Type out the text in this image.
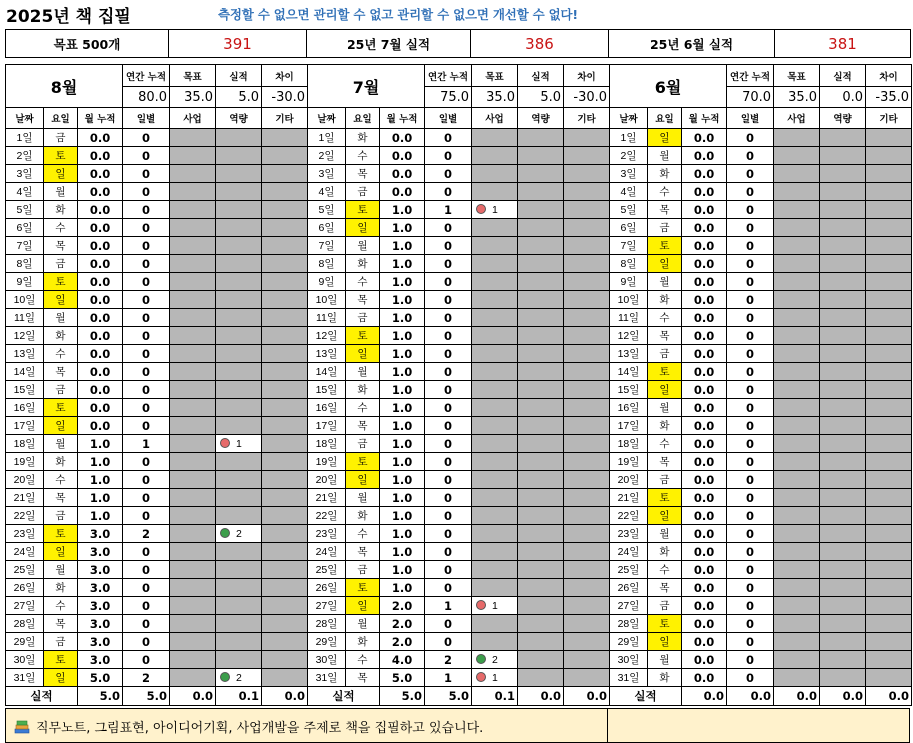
2025년 책 집필	측정할 수 없으면 관리할 수 없고 관리할 수 없으면 개선할 수 없다!
목표 500개	391	25년 7월 실적	386	25년 6월 실적	381
8월			연간 누적	목표	실적	차이
			80.0	35.0	5.0	-30.0
날짜	요일	월 누적	일별	사업	역량	기타
1일	금	0.0	0			
2일	토	0.0	0			
3일	일	0.0	0			
4일	월	0.0	0			
5일	화	0.0	0			
6일	수	0.0	0			
7일	목	0.0	0			
8일	금	0.0	0			
9일	토	0.0	0			
10일	일	0.0	0			
11일	월	0.0	0			
12일	화	0.0	0			
13일	수	0.0	0			
14일	목	0.0	0			
15일	금	0.0	0			
16일	토	0.0	0			
17일	일	0.0	0			
18일	월	1.0	1		1	
19일	화	1.0	0			
20일	수	1.0	0			
21일	목	1.0	0			
22일	금	1.0	0			
23일	토	3.0	2		2	
24일	일	3.0	0			
25일	월	3.0	0			
26일	화	3.0	0			
27일	수	3.0	0			
28일	목	3.0	0			
29일	금	3.0	0			
30일	토	3.0	0			
31일	일	5.0	2		2	
실적		5.0	5.0	0.0	0.1	0.0
7월			연간 누적	목표	실적	차이
			75.0	35.0	5.0	-30.0
날짜	요일	월 누적	일별	사업	역량	기타
1일	화	0.0	0			
2일	수	0.0	0			
3일	목	0.0	0			
4일	금	0.0	0			
5일	토	1.0	1	1		
6일	일	1.0	0			
7일	월	1.0	0			
8일	화	1.0	0			
9일	수	1.0	0			
10일	목	1.0	0			
11일	금	1.0	0			
12일	토	1.0	0			
13일	일	1.0	0			
14일	월	1.0	0			
15일	화	1.0	0			
16일	수	1.0	0			
17일	목	1.0	0			
18일	금	1.0	0			
19일	토	1.0	0			
20일	일	1.0	0			
21일	월	1.0	0			
22일	화	1.0	0			
23일	수	1.0	0			
24일	목	1.0	0			
25일	금	1.0	0			
26일	토	1.0	0			
27일	일	2.0	1	1		
28일	월	2.0	0			
29일	화	2.0	0			
30일	수	4.0	2	2		
31일	목	5.0	1	1		
실적		5.0	5.0	0.1	0.0	0.0
6월			연간 누적	목표	실적	차이
			70.0	35.0	0.0	-35.0
날짜	요일	월 누적	일별	사업	역량	기타
1일	일	0.0	0			
2일	월	0.0	0			
3일	화	0.0	0			
4일	수	0.0	0			
5일	목	0.0	0			
6일	금	0.0	0			
7일	토	0.0	0			
8일	일	0.0	0			
9일	월	0.0	0			
10일	화	0.0	0			
11일	수	0.0	0			
12일	목	0.0	0			
13일	금	0.0	0			
14일	토	0.0	0			
15일	일	0.0	0			
16일	월	0.0	0			
17일	화	0.0	0			
18일	수	0.0	0			
19일	목	0.0	0			
20일	금	0.0	0			
21일	토	0.0	0			
22일	일	0.0	0			
23일	월	0.0	0			
24일	화	0.0	0			
25일	수	0.0	0			
26일	목	0.0	0			
27일	금	0.0	0			
28일	토	0.0	0			
29일	일	0.0	0			
30일	월	0.0	0			
31일	화	0.0	0			
실적		0.0	0.0	0.0	0.0	0.0
직무노트, 그림표현, 아이디어기획, 사업개발을 주제로 책을 집필하고 있습니다.
